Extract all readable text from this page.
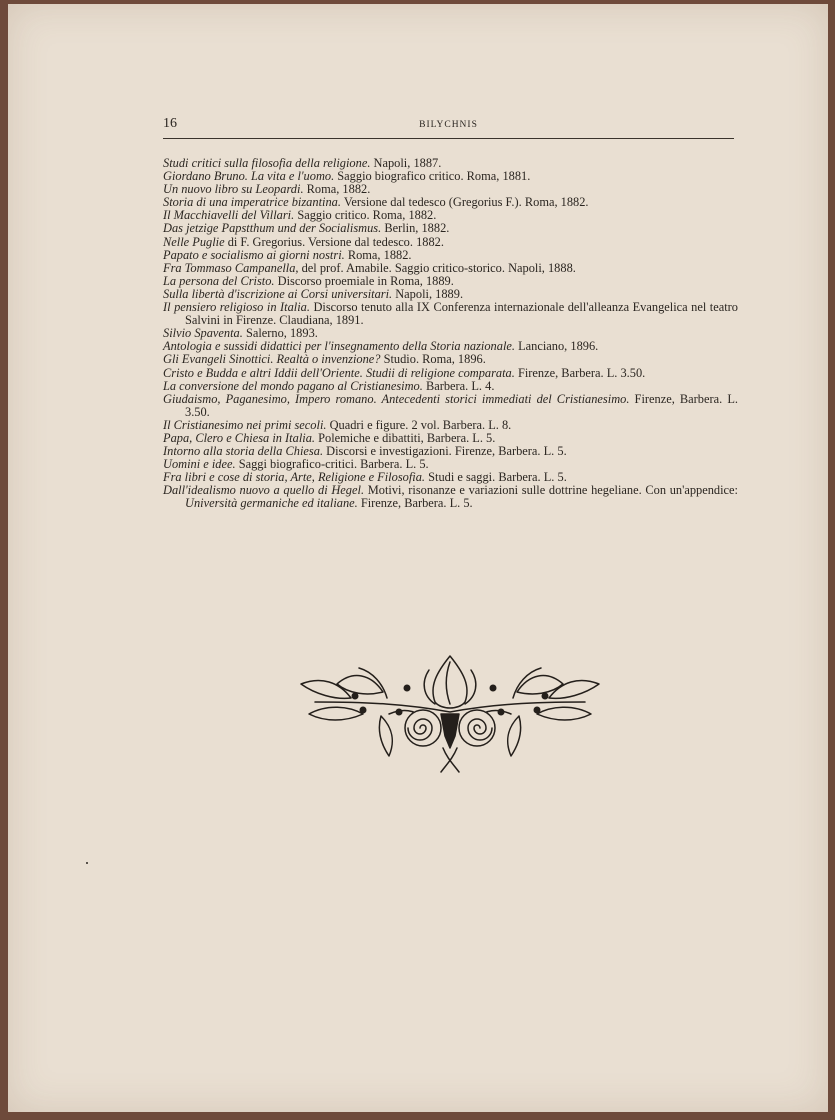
16	BILYCHNIS
Studi critici sulla filosofia della religione. Napoli, 1887.
Giordano Bruno. La vita e l'uomo. Saggio biografico critico. Roma, 1881.
Un nuovo libro su Leopardi. Roma, 1882.
Storia di una imperatrice bizantina. Versione dal tedesco (Gregorius F.). Roma, 1882.
Il Macchiavelli del Villari. Saggio critico. Roma, 1882.
Das jetzige Papstthum und der Socialismus. Berlin, 1882.
Nelle Puglie di F. Gregorius. Versione dal tedesco. 1882.
Papato e socialismo ai giorni nostri. Roma, 1882.
Fra Tommaso Campanella, del prof. Amabile. Saggio critico-storico. Napoli, 1888.
La persona del Cristo. Discorso proemiale in Roma, 1889.
Sulla libertà d'iscrizione ai Corsi universitari. Napoli, 1889.
Il pensiero religioso in Italia. Discorso tenuto alla IX Conferenza internazionale dell'alleanza Evangelica nel teatro Salvini in Firenze. Claudiana, 1891.
Silvio Spaventa. Salerno, 1893.
Antologia e sussidi didattici per l'insegnamento della Storia nazionale. Lanciano, 1896.
Gli Evangeli Sinottici. Realtà o invenzione? Studio. Roma, 1896.
Cristo e Budda e altri Iddii dell'Oriente. Studii di religione comparata. Firenze, Barbera. L. 3.50.
La conversione del mondo pagano al Cristianesimo. Barbera. L. 4.
Giudaismo, Paganesimo, Impero romano. Antecedenti storici immediati del Cristianesimo. Firenze, Barbera. L. 3.50.
Il Cristianesimo nei primi secoli. Quadri e figure. 2 vol. Barbera. L. 8.
Papa, Clero e Chiesa in Italia. Polemiche e dibattiti, Barbera. L. 5.
Intorno alla storia della Chiesa. Discorsi e investigazioni. Firenze, Barbera. L. 5.
Uomini e idee. Saggi biografico-critici. Barbera. L. 5.
Fra libri e cose di storia, Arte, Religione e Filosofia. Studi e saggi. Barbera. L. 5.
Dall'idealismo nuovo a quello di Hegel. Motivi, risonanze e variazioni sulle dottrine hegeliane. Con un'appendice: Università germaniche ed italiane. Firenze, Barbera. L. 5.
